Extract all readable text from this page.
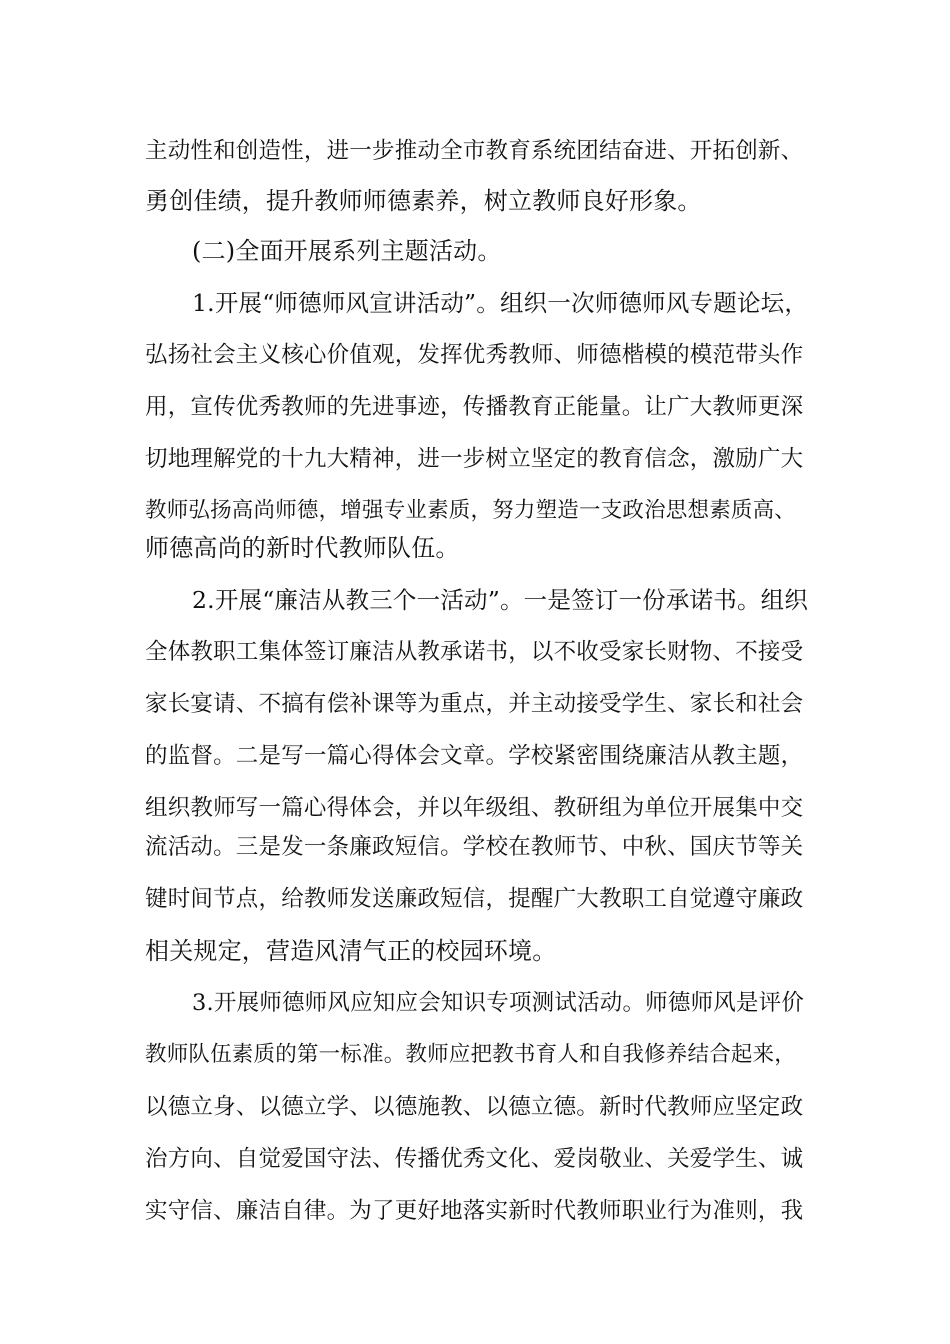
主动性和创造性，进一步推动全市教育系统团结奋进、开拓创新、
勇创佳绩，提升教师师德素养，树立教师良好形象。
(二)全面开展系列主题活动。
1.开展“师德师风宣讲活动”。组织一次师德师风专题论坛，
弘扬社会主义核心价值观，发挥优秀教师、师德楷模的模范带头作
用，宣传优秀教师的先进事迹，传播教育正能量。让广大教师更深
切地理解党的十九大精神，进一步树立坚定的教育信念，激励广大
教师弘扬高尚师德，增强专业素质，努力塑造一支政治思想素质高、
师德高尚的新时代教师队伍。
2.开展“廉洁从教三个一活动”。一是签订一份承诺书。组织
全体教职工集体签订廉洁从教承诺书，以不收受家长财物、不接受
家长宴请、不搞有偿补课等为重点，并主动接受学生、家长和社会
的监督。二是写一篇心得体会文章。学校紧密围绕廉洁从教主题，
组织教师写一篇心得体会，并以年级组、教研组为单位开展集中交
流活动。三是发一条廉政短信。学校在教师节、中秋、国庆节等关
键时间节点，给教师发送廉政短信，提醒广大教职工自觉遵守廉政
相关规定，营造风清气正的校园环境。
3.开展师德师风应知应会知识专项测试活动。师德师风是评价
教师队伍素质的第一标准。教师应把教书育人和自我修养结合起来，
以德立身、以德立学、以德施教、以德立德。新时代教师应坚定政
治方向、自觉爱国守法、传播优秀文化、爱岗敬业、关爱学生、诚
实守信、廉洁自律。为了更好地落实新时代教师职业行为准则，我
